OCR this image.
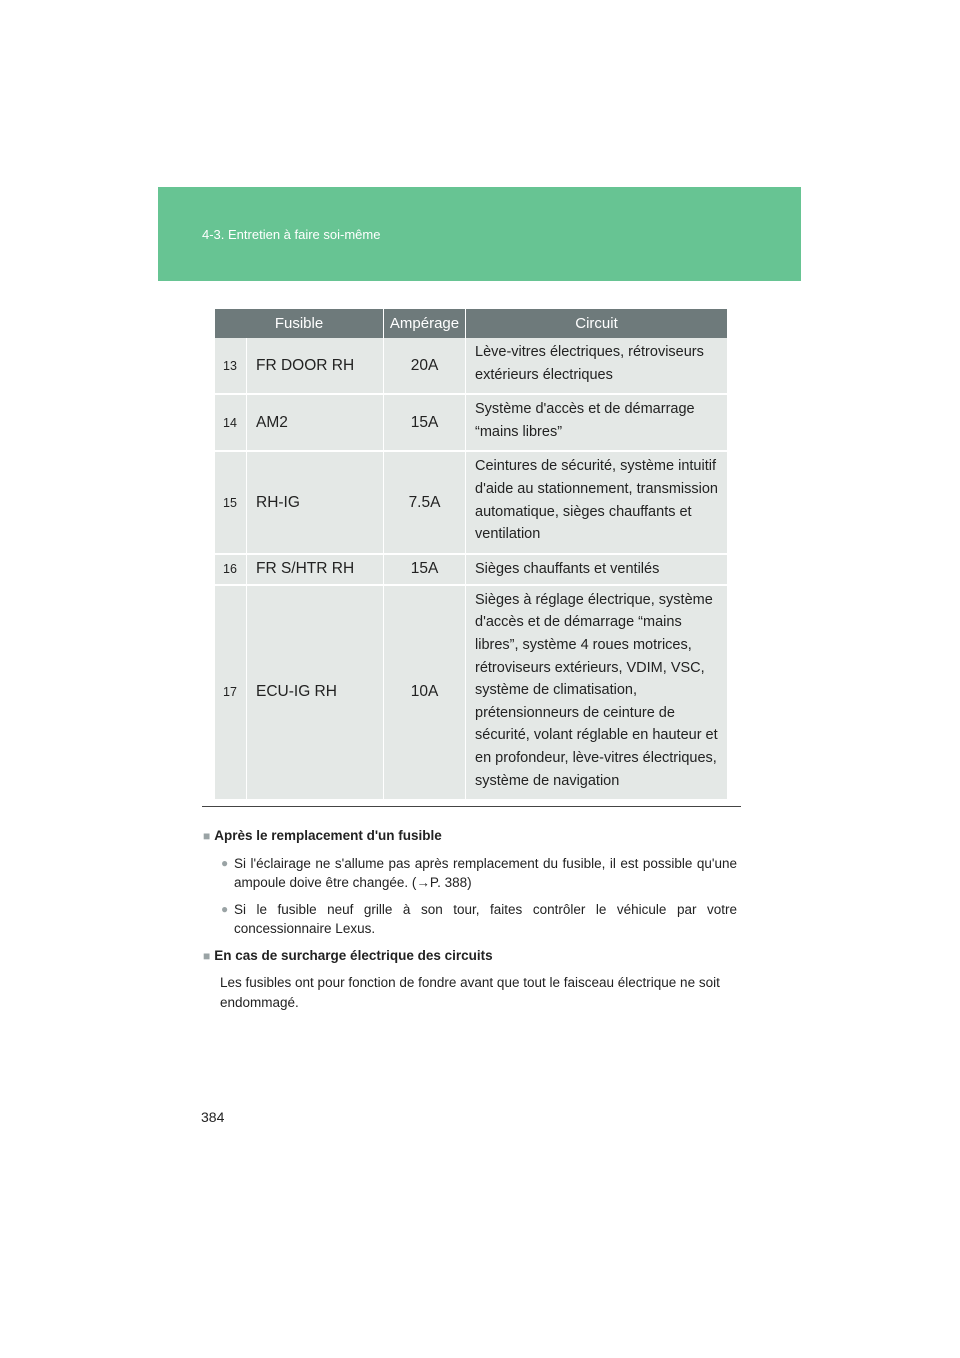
4-3. Entretien à faire soi-même
Fusible		Ampérage	Circuit
13	FR DOOR RH	20A	Lève-vitres électriques, rétroviseurs extérieurs électriques
14	AM2	15A	Système d'accès et de démarrage “mains libres”
15	RH-IG	7.5A	Ceintures de sécurité, système intuitif d'aide au stationnement, transmission automatique, sièges chauffants et ventilation
16	FR S/HTR RH	15A	Sièges chauffants et ventilés
17	ECU-IG RH	10A	Sièges à réglage électrique, système d'accès et de démarrage “mains libres”, système 4 roues motrices, rétroviseurs extérieurs, VDIM, VSC, système de climatisation, prétensionneurs de ceinture de sécurité, volant réglable en hauteur et en profondeur, lève-vitres électriques, système de navigation
■ Après le remplacement d'un fusible
● Si l'éclairage ne s'allume pas après remplacement du fusible, il est possible qu'une ampoule doive être changée. (→P. 388)
● Si le fusible neuf grille à son tour, faites contrôler le véhicule par votre concessionnaire Lexus.
■ En cas de surcharge électrique des circuits
Les fusibles ont pour fonction de fondre avant que tout le faisceau électrique ne soit endommagé.
384
